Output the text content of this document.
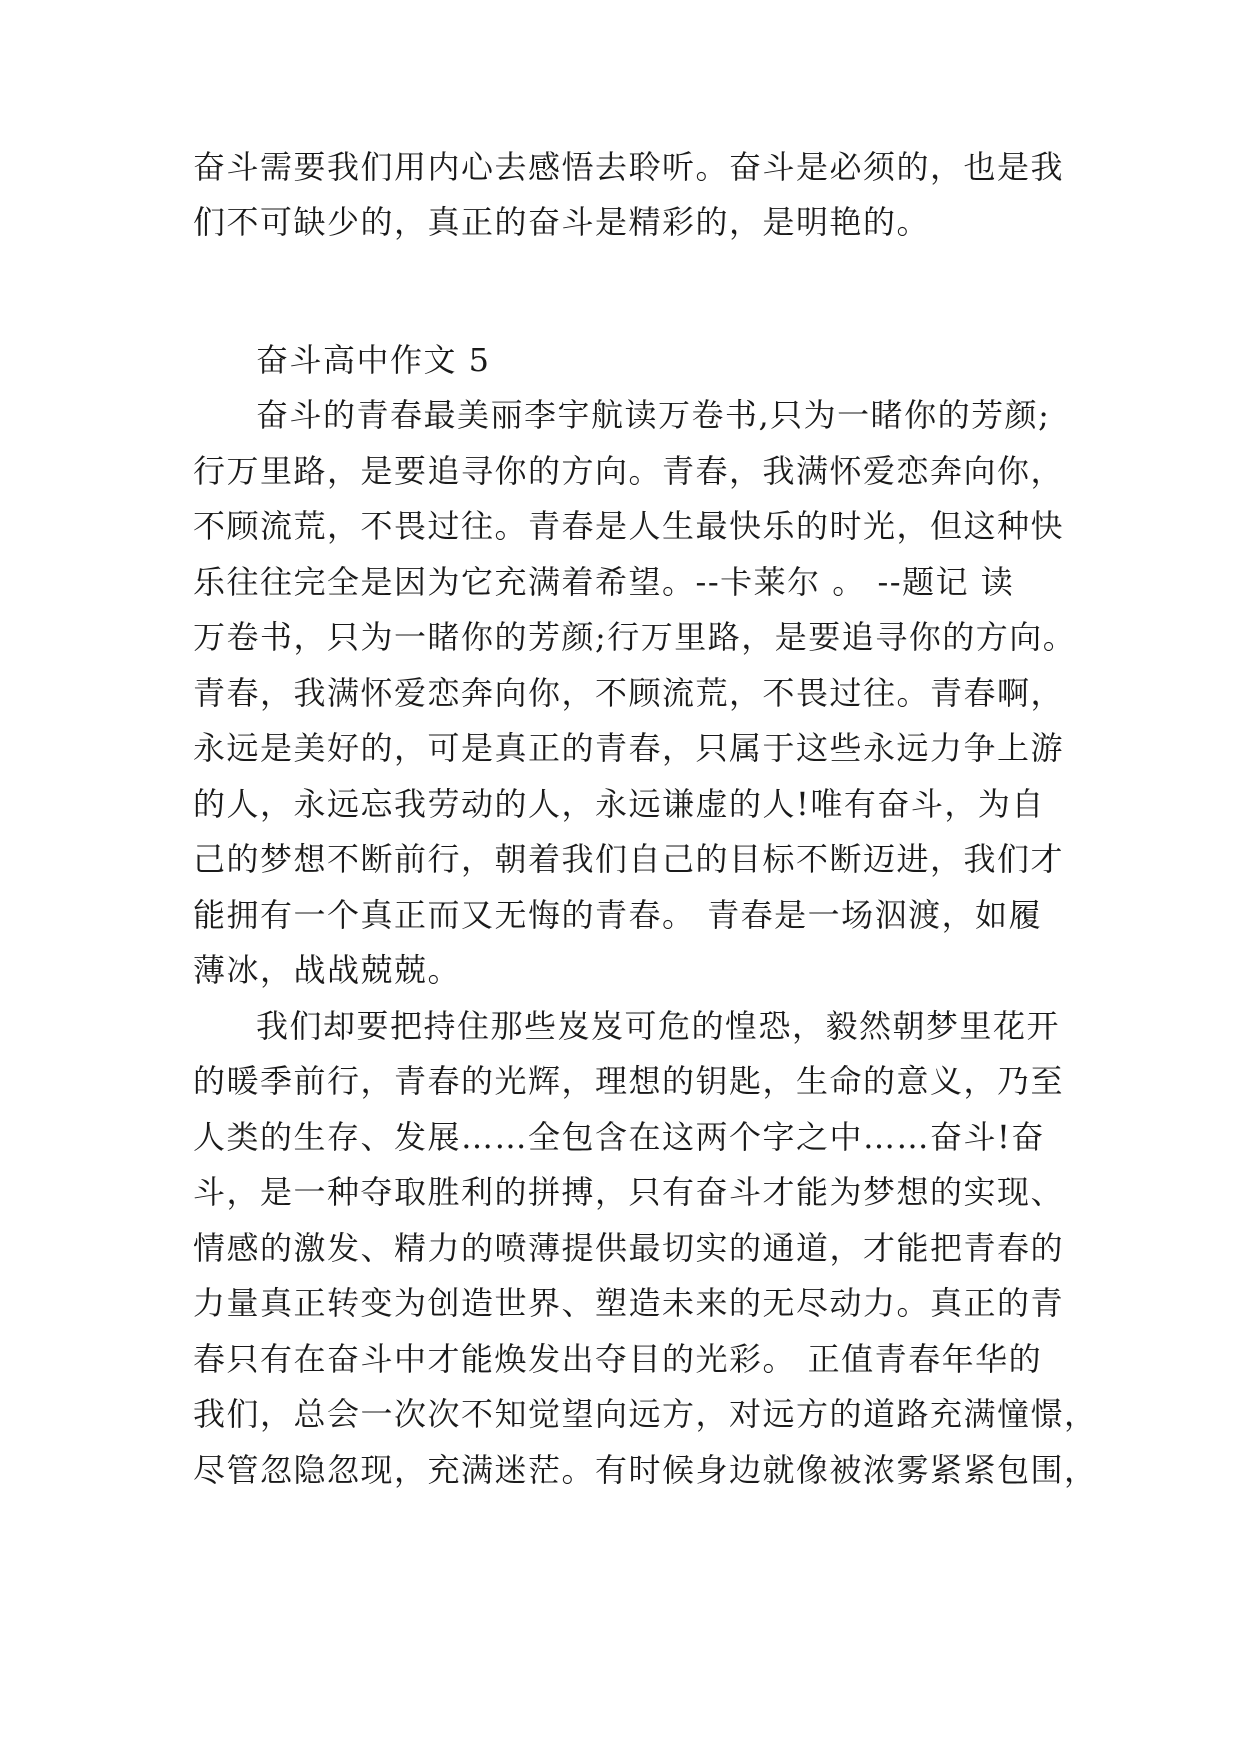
奋斗需要我们用内心去感悟去聆听。奋斗是必须的，也是我
们不可缺少的，真正的奋斗是精彩的，是明艳的。
奋斗高中作文 5
奋斗的青春最美丽李宇航读万卷书,只为一睹你的芳颜;
行万里路，是要追寻你的方向。青春，我满怀爱恋奔向你，
不顾流荒，不畏过往。青春是人生最快乐的时光，但这种快
乐往往完全是因为它充满着希望。--卡莱尔 。 --题记 读
万卷书，只为一睹你的芳颜;行万里路，是要追寻你的方向。
青春，我满怀爱恋奔向你，不顾流荒，不畏过往。青春啊，
永远是美好的，可是真正的青春，只属于这些永远力争上游
的人，永远忘我劳动的人，永远谦虚的人!唯有奋斗，为自
己的梦想不断前行，朝着我们自己的目标不断迈进，我们才
能拥有一个真正而又无悔的青春。 青春是一场泅渡，如履
薄冰，战战兢兢。
我们却要把持住那些岌岌可危的惶恐，毅然朝梦里花开
的暖季前行，青春的光辉，理想的钥匙，生命的意义，乃至
人类的生存、发展……全包含在这两个字之中……奋斗!奋
斗，是一种夺取胜利的拼搏，只有奋斗才能为梦想的实现、
情感的激发、精力的喷薄提供最切实的通道，才能把青春的
力量真正转变为创造世界、塑造未来的无尽动力。真正的青
春只有在奋斗中才能焕发出夺目的光彩。 正值青春年华的
我们，总会一次次不知觉望向远方，对远方的道路充满憧憬，
尽管忽隐忽现，充满迷茫。有时候身边就像被浓雾紧紧包围，
